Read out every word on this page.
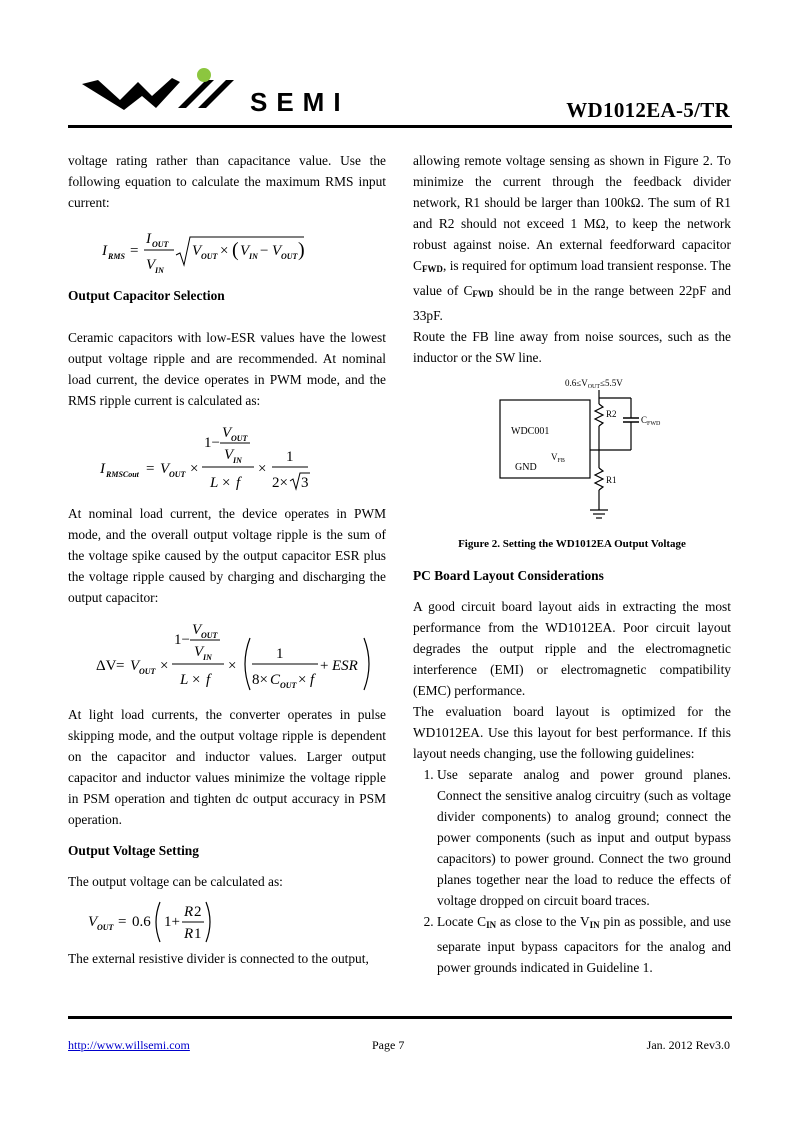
SEMI	WD1012EA-5/TR

voltage rating rather than capacitance value. Use the following equation to calculate the maximum RMS input current:

I RMS =
I OUT
V IN
V OUT × ( V IN − V OUT )

Output Capacitor Selection

Ceramic capacitors with low-ESR values have the lowest output voltage ripple and are recommended. At nominal load current, the device operates in PWM mode, and the RMS ripple current is calculated as:

I RMSCout = V OUT ×
1−
V OUT
V IN
L × f
×
1
2× 3

At nominal load current, the device operates in PWM mode, and the overall output voltage ripple is the sum of the voltage spike caused by the output capacitor ESR plus the voltage ripple caused by charging and discharging the output capacitor:

ΔV = V OUT ×
1−
V OUT
V IN
L × f
×
1
8× C OUT × f
+ ESR

At light load currents, the converter operates in pulse skipping mode, and the output voltage ripple is dependent on the capacitor and inductor values. Larger output capacitor and inductor values minimize the voltage ripple in PSM operation and tighten dc output accuracy in PSM operation.

Output Voltage Setting

The output voltage can be calculated as:

V OUT = 0.6 1+
R 2
R 1

The external resistive divider is connected to the output,

allowing remote voltage sensing as shown in Figure 2. To minimize the current through the feedback divider network, R1 should be larger than 100kΩ. The sum of R1 and R2 should not exceed 1 MΩ, to keep the network robust against noise. An external feedforward capacitor $C_{FWD}$, is required for optimum load transient response. The value of $C_{FWD}$ should be in the range between 22pF and 33pF.

Route the FB line away from noise sources, such as the inductor or the SW line.

$0.6\le V_{OUT}\le 5.5V$
WDC001
$V_{FB}$
GND
R2
$C_{FWD}$
R1

Figure 2. Setting the WD1012EA Output Voltage

PC Board Layout Considerations

A good circuit board layout aids in extracting the most performance from the WD1012EA. Poor circuit layout degrades the output ripple and the electromagnetic interference (EMI) or electromagnetic compatibility (EMC) performance.

The evaluation board layout is optimized for the WD1012EA. Use this layout for best performance. If this layout needs changing, use the following guidelines:

1. Use separate analog and power ground planes. Connect the sensitive analog circuitry (such as voltage divider components) to analog ground; connect the power components (such as input and output bypass capacitors) to power ground. Connect the two ground planes together near the load to reduce the effects of voltage dropped on circuit board traces.
2. Locate $C_{IN}$ as close to the $V_{IN}$ pin as possible, and use separate input bypass capacitors for the analog and power grounds indicated in Guideline 1.
http://www.willsemi.com	Page 7	Jan. 2012 Rev3.0
